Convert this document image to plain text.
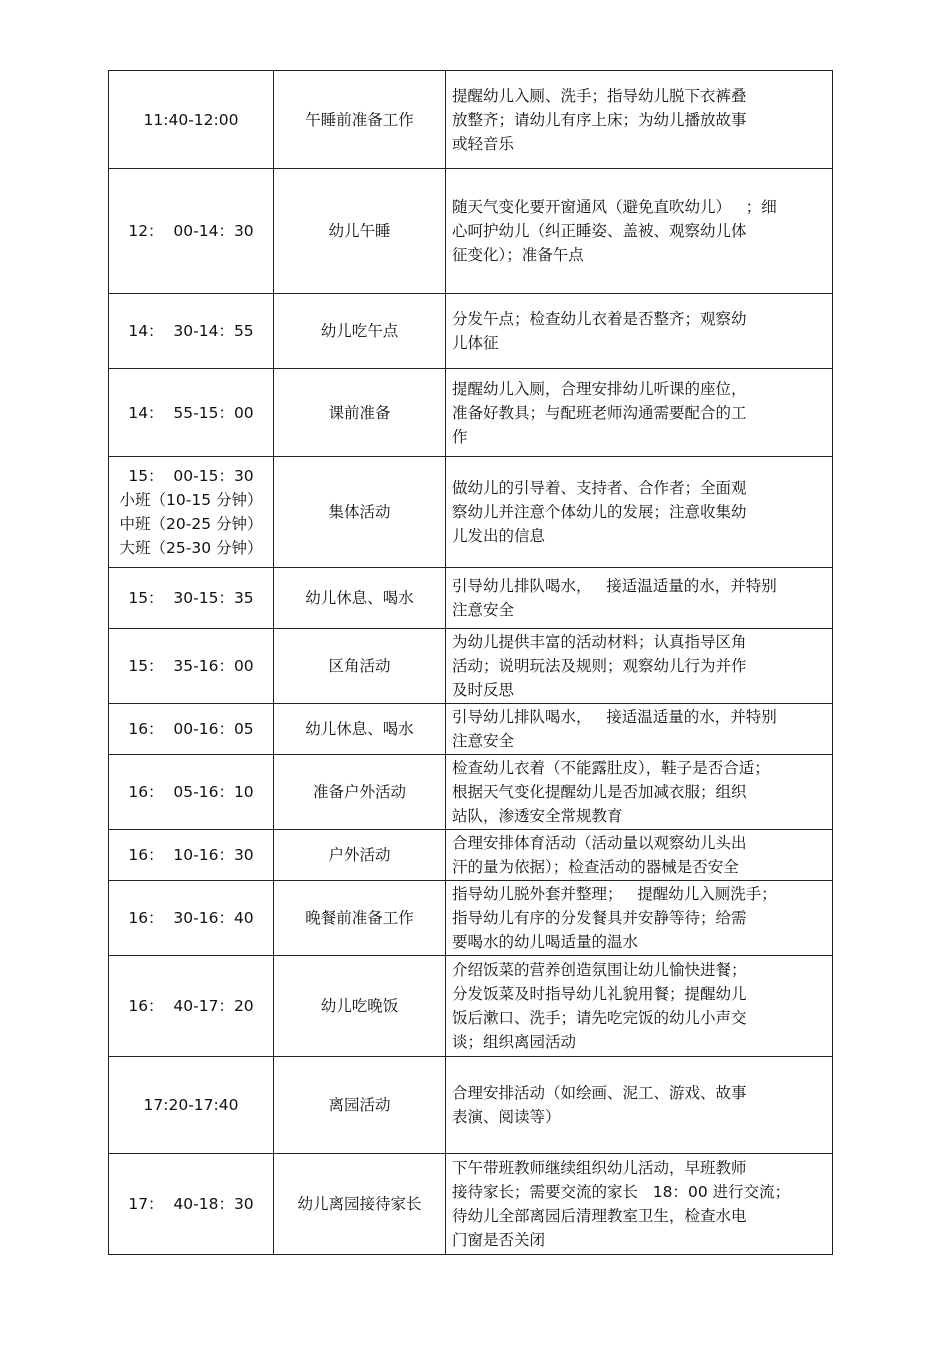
11:40-12:00	午睡前准备工作	提醒幼儿入厕、洗手；指导幼儿脱下衣裤叠
放整齐；请幼儿有序上床；为幼儿播放故事
或轻音乐

12：  00-14：30	幼儿午睡	随天气变化要开窗通风（避免直吹幼儿）   ；细
心呵护幼儿（纠正睡姿、盖被、观察幼儿体
征变化）；准备午点

14：  30-14：55	幼儿吃午点	分发午点；检查幼儿衣着是否整齐；观察幼
儿体征

14：  55-15：00	课前准备	提醒幼儿入厕，合理安排幼儿听课的座位，
准备好教具；与配班老师沟通需要配合的工
作

15：  00-15：30
小班（10-15 分钟）
中班（20-25 分钟）
大班（25-30 分钟）	集体活动	做幼儿的引导着、支持者、合作者；全面观
察幼儿并注意个体幼儿的发展；注意收集幼
儿发出的信息

15：  30-15：35	幼儿休息、喝水	引导幼儿排队喝水，   接适温适量的水，并特别
注意安全

15：  35-16：00	区角活动	为幼儿提供丰富的活动材料；认真指导区角
活动；说明玩法及规则；观察幼儿行为并作
及时反思

16：  00-16：05	幼儿休息、喝水	引导幼儿排队喝水，   接适温适量的水，并特别
注意安全

16：  05-16：10	准备户外活动	检查幼儿衣着（不能露肚皮），鞋子是否合适；
根据天气变化提醒幼儿是否加减衣服；组织
站队，渗透安全常规教育

16：  10-16：30	户外活动	合理安排体育活动（活动量以观察幼儿头出
汗的量为依据）；检查活动的器械是否安全

16：  30-16：40	晚餐前准备工作	指导幼儿脱外套并整理；   提醒幼儿入厕洗手；
指导幼儿有序的分发餐具并安静等待；给需
要喝水的幼儿喝适量的温水

16：  40-17：20	幼儿吃晚饭	介绍饭菜的营养创造氛围让幼儿愉快进餐；
分发饭菜及时指导幼儿礼貌用餐；提醒幼儿
饭后漱口、洗手；请先吃完饭的幼儿小声交
谈；组织离园活动

17:20-17:40	离园活动	合理安排活动（如绘画、泥工、游戏、故事
表演、阅读等）

17：  40-18：30	幼儿离园接待家长	下午带班教师继续组织幼儿活动，早班教师
接待家长；需要交流的家长   18：00 进行交流；
待幼儿全部离园后清理教室卫生，检查水电
门窗是否关闭
